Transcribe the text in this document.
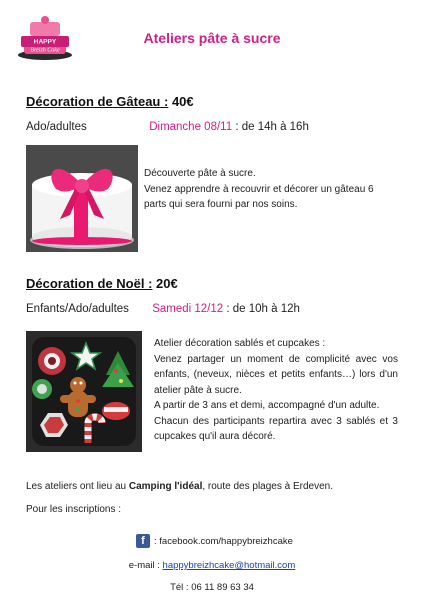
HAPPY
Breizh Cake
Ateliers pâte à sucre
Décoration de Gâteau : 40€
Ado/adultes	Dimanche 08/11 : de 14h à 16h

Découverte pâte à sucre.

Venez apprendre à recouvrir et décorer un gâteau 6 parts qui sera fourni par nos soins.

Décoration de Noël : 20€
Enfants/Ado/adultes Samedi 12/12 : de 10h à 12h

Atelier décoration sablés et cupcakes :

Venez partager un moment de complicité avec vos enfants, (neveux, nièces et petits enfants…) lors d'un atelier pâte à sucre.

A partir de 3 ans et demi, accompagné d'un adulte.

Chacun des participants repartira avec 3 sablés et 3 cupcakes qu'il aura décoré.

Les ateliers ont lieu au Camping l'idéal, route des plages à Erdeven.
Pour les inscriptions :
f : facebook.com/happybreizhcake
e-mail : happybreizhcake@hotmail.com
Tél : 06 11 89 63 34
